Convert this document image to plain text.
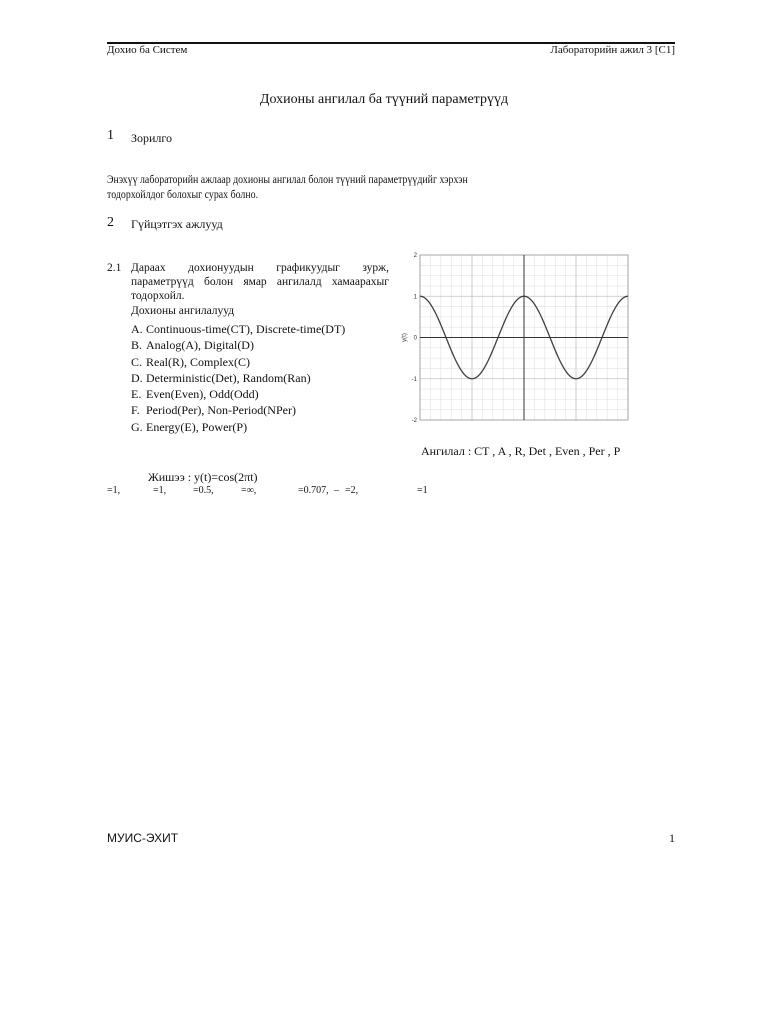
Дохио ба Систем	Лабораторийн ажил 3 [C1]
Дохионы ангилал ба түүний параметрүүд
1 Зорилго
Энэхүү лабораторийн ажлаар дохионы ангилал болон түүний параметрүүдийг хэрхэн
тодорхойлдог болохыг сурах болно.
2 Гүйцэтгэх ажлууд
2.1 Дараах дохионуудын графикуудыг зурж,
параметрүүд болон ямар ангилалд хамаарахыг
тодорхойл.
Дохионы ангилалууд
A. Continuous-time(CT), Discrete-time(DT)
B. Analog(A), Digital(D)
C. Real(R), Complex(C)
D. Deterministic(Det), Random(Ran)
E. Even(Even), Odd(Odd)
F. Period(Per), Non-Period(NPer)
G. Energy(E), Power(P)
2
1
0
-1
-2
y(t)
Ангилал : CT , A , R, Det , Even , Per , P
Жишээ : y(t)=cos(2πt)
=1,	=1,	=0.5,	=∞,	=0.707, – =2,	=1
МУИС-ЭХИТ	1
